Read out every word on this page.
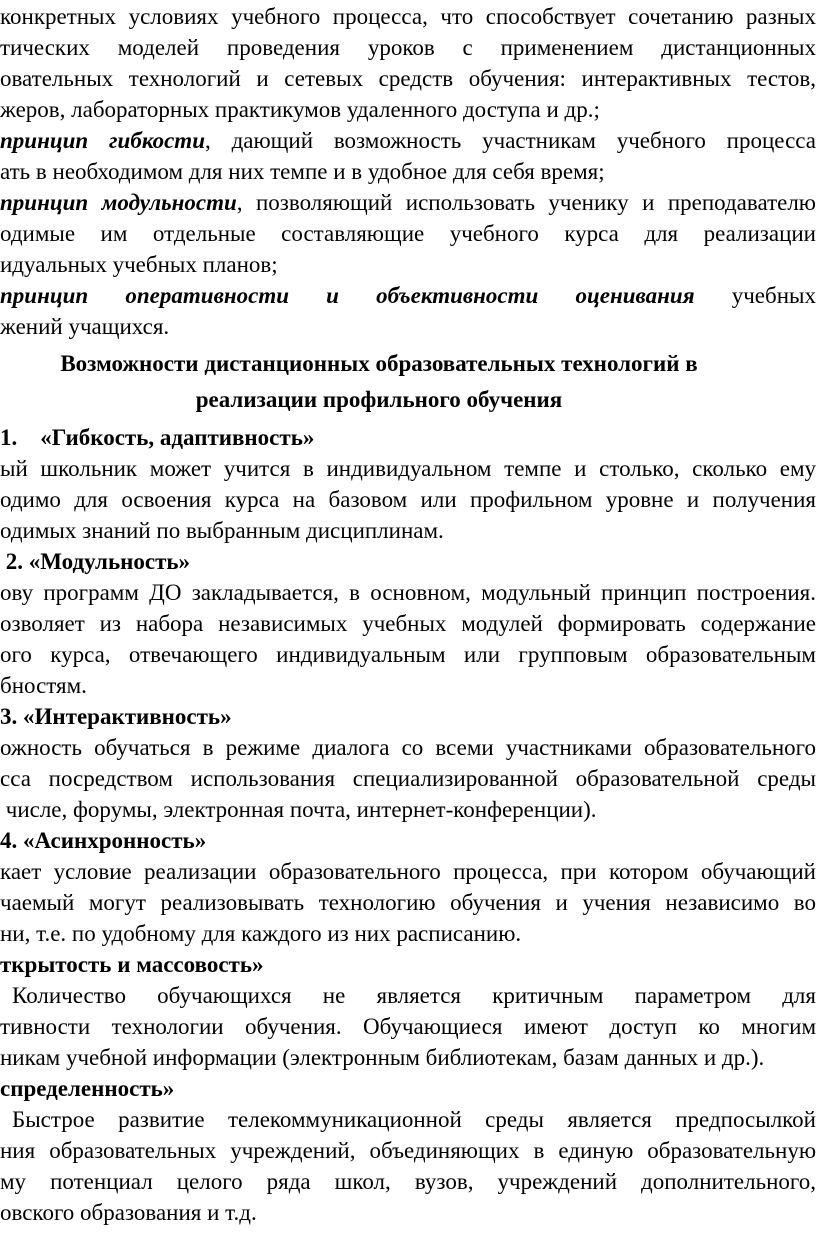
конкретных условиях учебного процесса, что способствует сочетанию разных
тических моделей проведения уроков с применением дистанционных
овательных технологий и сетевых средств обучения: интерактивных тестов,
жеров, лабораторных практикумов удаленного доступа и др.;
принцип гибкости, дающий возможность участникам учебного процесса
ать в необходимом для них темпе и в удобное для себя время;
принцип модульности, позволяющий использовать ученику и преподавателю
одимые им отдельные составляющие учебного курса для реализации
идуальных учебных планов;
принцип оперативности и объективности оценивания учебных
жений учащихся.
Возможности дистанционных образовательных технологий в
реализации профильного обучения
1.    «Гибкость, адаптивность»
ый школьник может учится в индивидуальном темпе и столько, сколько ему
одимо для освоения курса на базовом или профильном уровне и получения
одимых знаний по выбранным дисциплинам.
2. «Модульность»
ову программ ДО закладывается, в основном, модульный принцип построения.
озволяет из набора независимых учебных модулей формировать содержание
ого курса, отвечающего индивидуальным или групповым образовательным
бностям.
3. «Интерактивность»
ожность обучаться в режиме диалога со всеми участниками образовательного
сса посредством использования специализированной образовательной среды
числе, форумы, электронная почта, интернет-конференции).
4. «Асинхронность»
кает условие реализации образовательного процесса, при котором обучающий
чаемый могут реализовывать технологию обучения и учения независимо во
ни, т.е. по удобному для каждого из них расписанию.
ткрытость и массовость»
Количество обучающихся не является критичным параметром для
тивности технологии обучения. Обучающиеся имеют доступ ко многим
никам учебной информации (электронным библиотекам, базам данных и др.).
спределенность»
Быстрое развитие телекоммуникационной среды является предпосылкой
ния образовательных учреждений, объединяющих в единую образовательную
му потенциал целого ряда школ, вузов, учреждений дополнительного,
овского образования и т.д.
